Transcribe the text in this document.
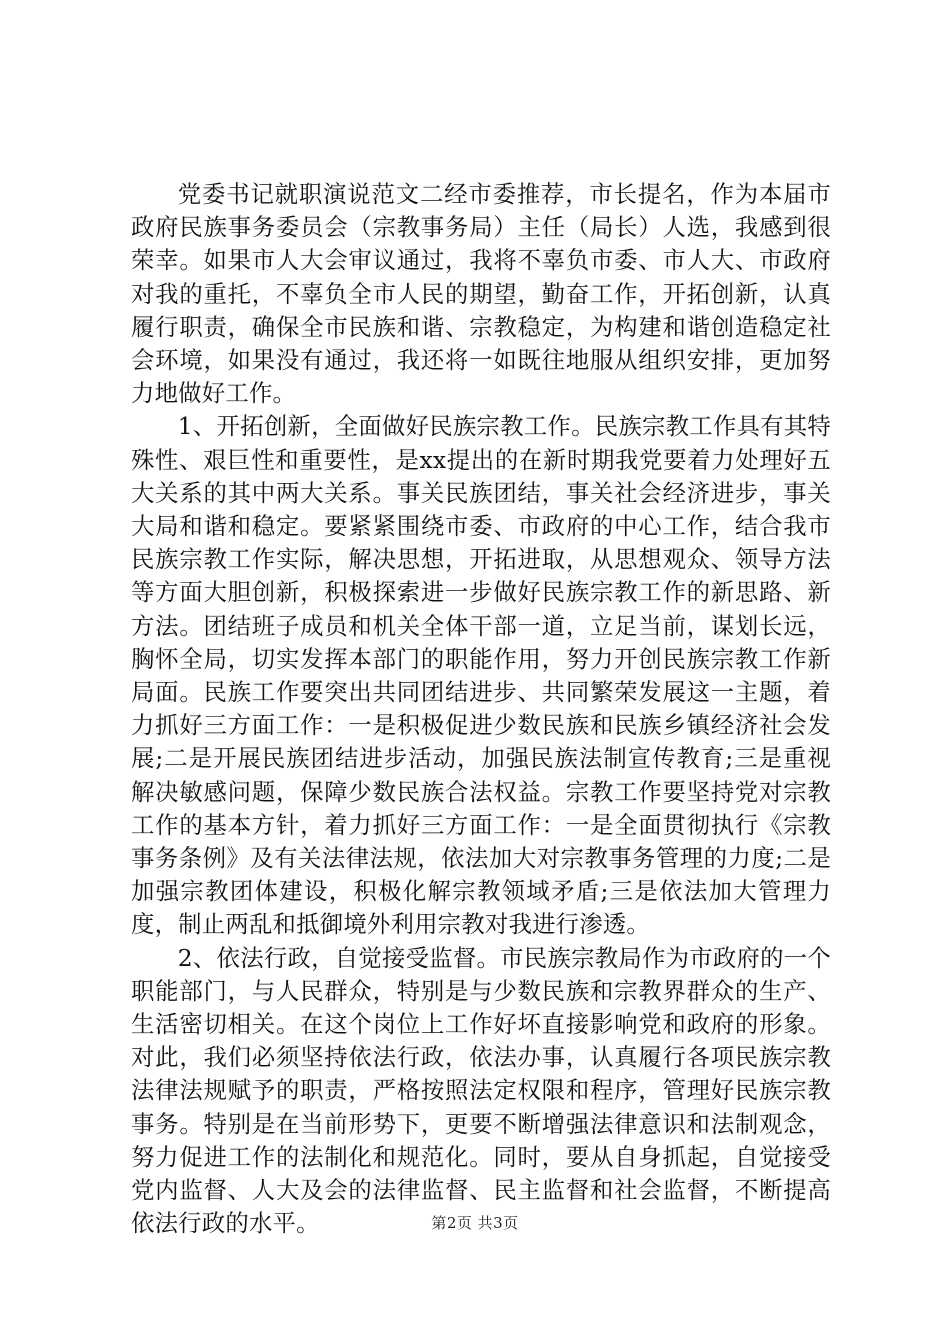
党委书记就职演说范文二经市委推荐，市长提名，作为本届市政府民族事务委员会（宗教事务局）主任（局长）人选，我感到很荣幸。如果市人大会审议通过，我将不辜负市委、市人大、市政府对我的重托，不辜负全市人民的期望，勤奋工作，开拓创新，认真履行职责，确保全市民族和谐、宗教稳定，为构建和谐创造稳定社会环境，如果没有通过，我还将一如既往地服从组织安排，更加努力地做好工作。

1、开拓创新，全面做好民族宗教工作。民族宗教工作具有其特殊性、艰巨性和重要性，是xx提出的在新时期我党要着力处理好五大关系的其中两大关系。事关民族团结，事关社会经济进步，事关大局和谐和稳定。要紧紧围绕市委、市政府的中心工作，结合我市民族宗教工作实际，解决思想，开拓进取，从思想观众、领导方法等方面大胆创新，积极探索进一步做好民族宗教工作的新思路、新方法。团结班子成员和机关全体干部一道，立足当前，谋划长远，胸怀全局，切实发挥本部门的职能作用，努力开创民族宗教工作新局面。民族工作要突出共同团结进步、共同繁荣发展这一主题，着力抓好三方面工作：一是积极促进少数民族和民族乡镇经济社会发展;二是开展民族团结进步活动，加强民族法制宣传教育;三是重视解决敏感问题，保障少数民族合法权益。宗教工作要坚持党对宗教工作的基本方针，着力抓好三方面工作：一是全面贯彻执行《宗教事务条例》及有关法律法规，依法加大对宗教事务管理的力度;二是加强宗教团体建设，积极化解宗教领域矛盾;三是依法加大管理力度，制止两乱和抵御境外利用宗教对我进行渗透。

2、依法行政，自觉接受监督。市民族宗教局作为市政府的一个职能部门，与人民群众，特别是与少数民族和宗教界群众的生产、生活密切相关。在这个岗位上工作好坏直接影响党和政府的形象。对此，我们必须坚持依法行政，依法办事，认真履行各项民族宗教法律法规赋予的职责，严格按照法定权限和程序，管理好民族宗教事务。特别是在当前形势下，更要不断增强法律意识和法制观念，努力促进工作的法制化和规范化。同时，要从自身抓起，自觉接受党内监督、人大及会的法律监督、民主监督和社会监督，不断提高依法行政的水平。	第2页 共3页
